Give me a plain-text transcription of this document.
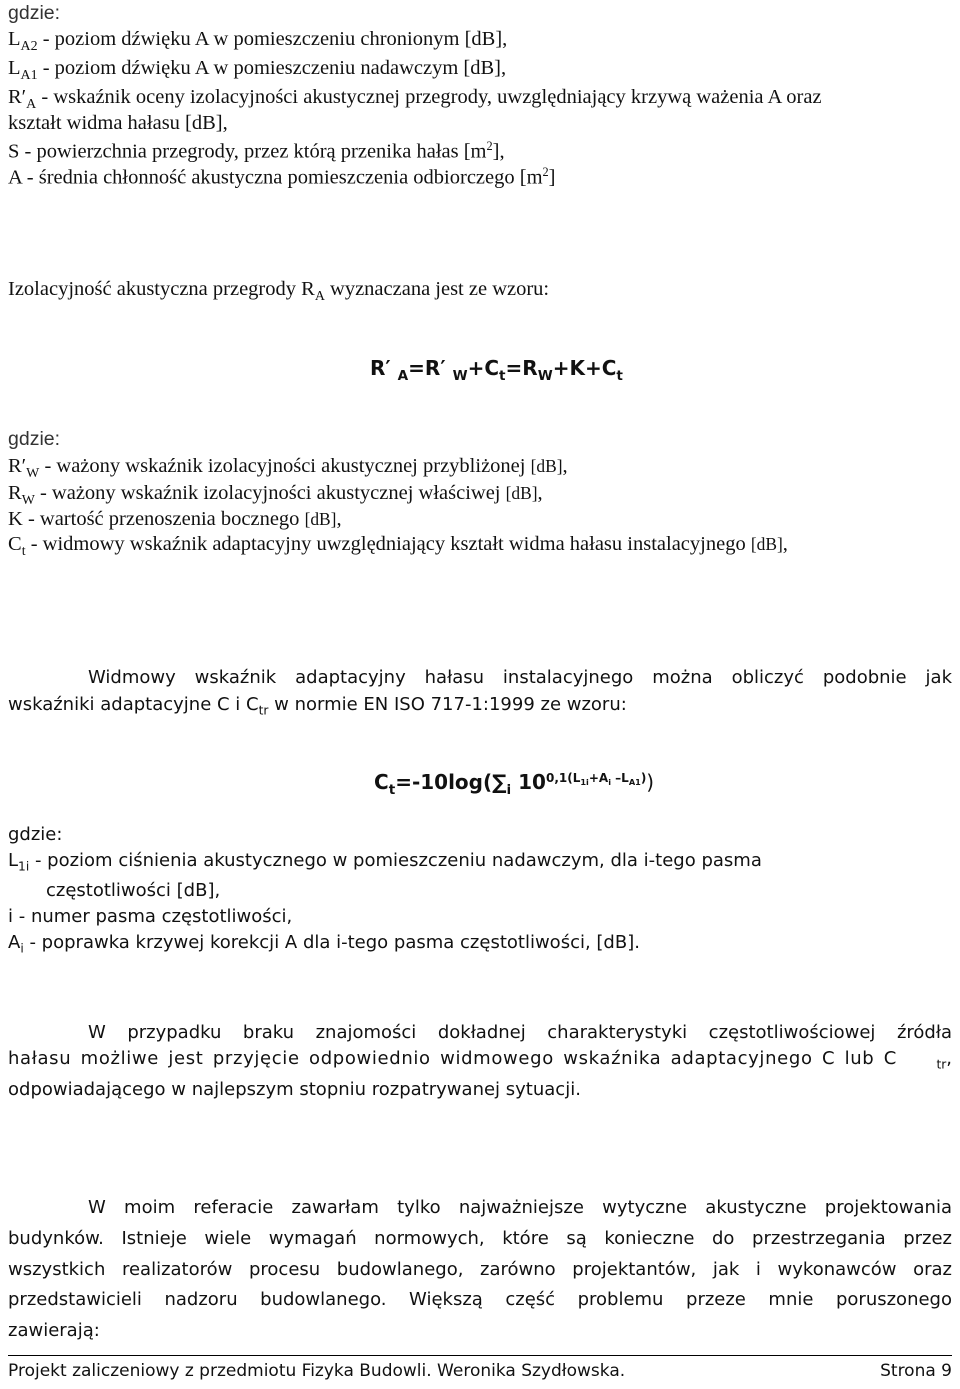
gdzie:
$L_{A2}$ - poziom dźwięku A w pomieszczeniu chronionym [dB],
$L_{A1}$ - poziom dźwięku A w pomieszczeniu nadawczym [dB],
$R'_A$ - wskaźnik oceny izolacyjności akustycznej przegrody, uwzględniający krzywą ważenia A oraz
kształt widma hałasu [dB],
S - powierzchnia przegrody, przez którą przenika hałas $[m^2]$,
A - średnia chłonność akustyczna pomieszczenia odbiorczego $[m^2]$
Izolacyjność akustyczna przegrody $R_A$ wyznaczana jest ze wzoru:
R′ $_A$=R′ $_W+C_t=R_W+K+C_t$
gdzie:
$R'_W$ - ważony wskaźnik izolacyjności akustycznej przybliżonej [dB],
$R_W$ - ważony wskaźnik izolacyjności akustycznej właściwej [dB],
K - wartość przenoszenia bocznego [dB],
$C_t$ - widmowy wskaźnik adaptacyjny uwzględniający kształt widma hałasu instalacyjnego [dB],
Widmowy wskaźnik adaptacyjny hałasu instalacyjnego można obliczyć podobnie jak
wskaźniki adaptacyjne C i $C_{tr}$ w normie EN ISO 717-1:1999 ze wzoru:
$C_t=-10\log(\sum_i$ $10^{0,1(L_{1i}+A_i -L_{A1})}$)
gdzie:
$L_{1i}$ - poziom ciśnienia akustycznego w pomieszczeniu nadawczym, dla i-tego pasma
częstotliwości [dB],
i - numer pasma częstotliwości,
$A_i$ - poprawka krzywej korekcji A dla i-tego pasma częstotliwości, [dB].
W przypadku braku znajomości dokładnej charakterystyki częstotliwościowej źródła
hałasu możliwe jest przyjęcie odpowiednio widmowego wskaźnika adaptacyjnego C lub C	$_{tr}$,
odpowiadającego w najlepszym stopniu rozpatrywanej sytuacji.
W moim referacie zawarłam tylko najważniejsze wytyczne akustyczne projektowania
budynków. Istnieje wiele wymagań normowych, które są konieczne do przestrzegania przez
wszystkich realizatorów procesu budowlanego, zarówno projektantów, jak i wykonawców oraz
przedstawicieli nadzoru budowlanego. Większą część problemu przeze mnie poruszonego
zawierają:
Projekt zaliczeniowy z przedmiotu Fizyka Budowli. Weronika Szydłowska.	Strona 9
